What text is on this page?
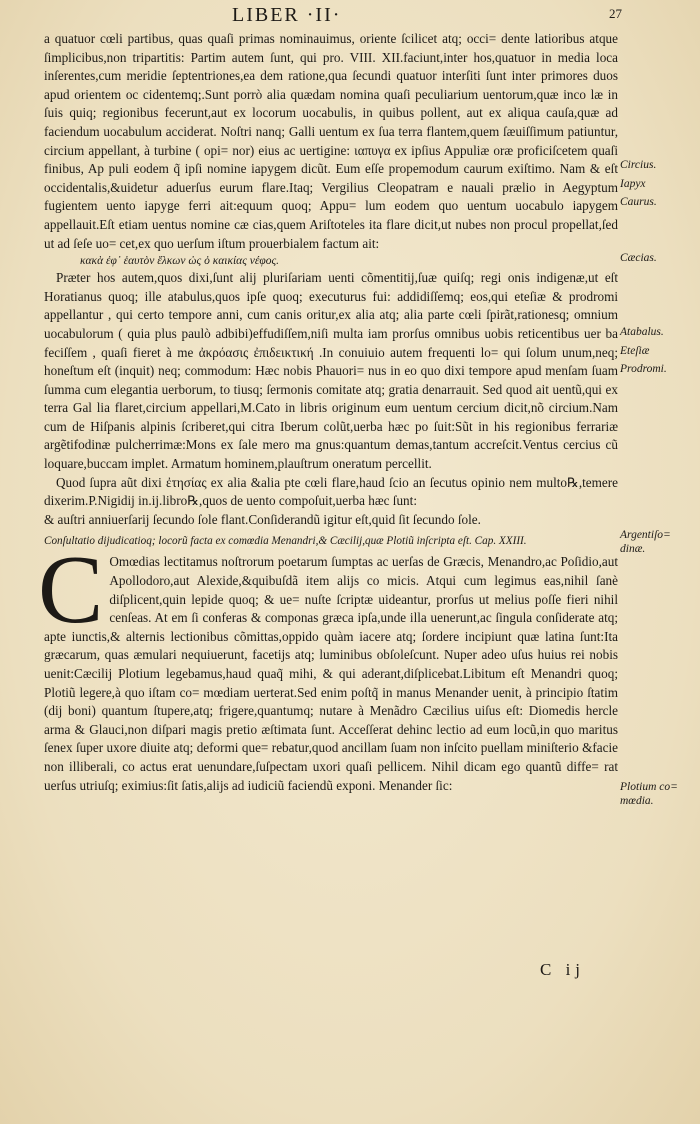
LIBER ·II·	27

a quatuor cœli partibus, quas quaſi primas nominauimus, oriente ſcilicet atq; occi= dente latioribus atque ſimplicibus,non tripartitis: Partim autem ſunt, qui pro. VIII. XII.faciunt,inter hos,quatuor in media loca inſerentes,cum meridie ſeptentriones,ea dem ratione,qua ſecundi quatuor interſiti ſunt inter primores duos apud orientem oc cidentemq;.Sunt porrò alia quædam nomina quaſi peculiarium uentorum,quæ inco læ in ſuis quiq; regionibus fecerunt,aut ex locorum uocabulis, in quibus pollent, aut ex aliqua cauſa,quæ ad faciendum uocabulum acciderat. Noſtri nanq; Galli uentum ex ſua terra flantem,quem ſæuiſſimum patiuntur, circium appellant, à turbine ( opi= nor) eius ac uertigine: ιαπυγα ex ipſius Appuliæ oræ proficiſcetem quaſi finibus, Ap puli eodem q̃ ipſi nomine iapygem dicũt. Eum eſſe propemodum caurum exiſtimo. Nam & eſt occidentalis,&uidetur aduerſus eurum flare.Itaq; Vergilius Cleopatram e nauali prælio in Aegyptum fugientem uento iapyge ferri ait:equum quoq; Appu= lum eodem quo uentum uocabulo iapygem appellauit.Eſt etiam uentus nomine cæ cias,quem Ariſtoteles ita flare dicit,ut nubes non procul propellat,ſed ut ad ſeſe uo= cet,ex quo uerſum iſtum prouerbialem factum ait:

κακὰ ἐφ᾽ ἑαυτὸν ἕλκων ὡς ὁ καικίας νέφος.

Præter hos autem,quos dixi,ſunt alij pluriſariam uenti cõmentitij,ſuæ quiſq; regi onis indigenæ,ut eſt Horatianus quoq; ille atabulus,quos ipſe quoq; executurus fui: addidiſſemq; eos,qui eteſiæ & prodromi appellantur , qui certo tempore anni, cum canis oritur,ex alia atq; alia parte cœli ſpirãt,rationesq; omnium uocabulorum ( quia plus paulò adbibi)effudiſſem,niſi multa iam prorſus omnibus uobis reticentibus uer ba feciſſem , quaſi fieret à me ἀκρόασις ἐπιδεικτική .In conuiuio autem frequenti lo= qui ſolum unum,neq; honeſtum eſt (inquit) neq; commodum: Hæc nobis Phauori= nus in eo quo dixi tempore apud menſam ſuam ſumma cum elegantia uerborum, to tiusq; ſermonis comitate atq; gratia denarrauit. Sed quod ait uentũ,qui ex terra Gal lia flaret,circium appellari,M.Cato in libris originum eum uentum cercium dicit,nõ circium.Nam cum de Hiſpanis alpinis ſcriberet,qui citra Iberum colũt,uerba hæc po ſuit:Sũt in his regionibus ferrariæ argẽtifodinæ pulcherrimæ:Mons ex ſale mero ma gnus:quantum demas,tantum accreſcit.Ventus cercius cũ loquare,buccam implet. Armatum hominem,plauſtrum oneratum percellit.

Quod ſupra aũt dixi ἐτησίας ex alia &alia pte cœli flare,haud ſcio an ſecutus opinio nem multo℞,temere dixerim.P.Nigidij in.ij.libro℞,quos de uento compoſuit,uerba hæc ſunt:

& auſtri anniuerſarij ſecundo ſole flant.Conſiderandũ igitur eſt,quid ſit ſecundo ſole.

Conſultatio dijudicatioq; locorũ facta ex comœdia Menandri,& Cæcilij,quæ Plotiũ inſcripta eſt. Cap. XXIII.

C Omœdias lectitamus noſtrorum poetarum ſumptas ac uerſas de Græcis, Menandro,ac Poſidio,aut Apollodoro,aut Alexide,&quibuſdã item alijs co micis. Atqui cum legimus eas,nihil ſanè diſplicent,quin lepide quoq; & ue= nuſte ſcriptæ uideantur, prorſus ut melius poſſe fieri nihil cenſeas. At em ſi conferas & componas græca ipſa,unde illa uenerunt,ac ſingula conſiderate atq; apte iunctis,& alternis lectionibus cõmittas,oppido quàm iacere atq; ſordere incipiunt quæ latina ſunt:Ita græcarum, quas æmulari nequiuerunt, facetijs atq; luminibus obſoleſcunt. Nuper adeo uſus huius rei nobis uenit:Cæcilij Plotium legebamus,haud quaq̃ mihi, & qui aderant,diſplicebat.Libitum eſt Menandri quoq; Plotiũ legere,à quo iſtam co= mœdiam uerterat.Sed enim poſtq̃ in manus Menander uenit, à principio ſtatim (dij boni) quantum ſtupere,atq; frigere,quantumq; nutare à Menãdro Cæcilius uiſus eſt: Diomedis hercle arma & Glauci,non diſpari magis pretio æſtimata ſunt. Acceſſerat dehinc lectio ad eum locũ,in quo maritus ſenex ſuper uxore diuite atq; deformi que= rebatur,quod ancillam ſuam non inſcito puellam miniſterio &facie non illiberali, co actus erat uenundare,ſuſpectam uxori quaſi pellicem. Nihil dicam ego quantũ diffe= rat uerſus utriuſq; eximius:ſit ſatis,alijs ad iudiciũ faciendũ exponi. Menander ſic:

Circius.
Iapyx
Caurus.
Cæcias.
Atabalus.
Eteſiæ
Prodromi.
Argentiſo= dinæ.
Plotium co= mœdia.
C ij
